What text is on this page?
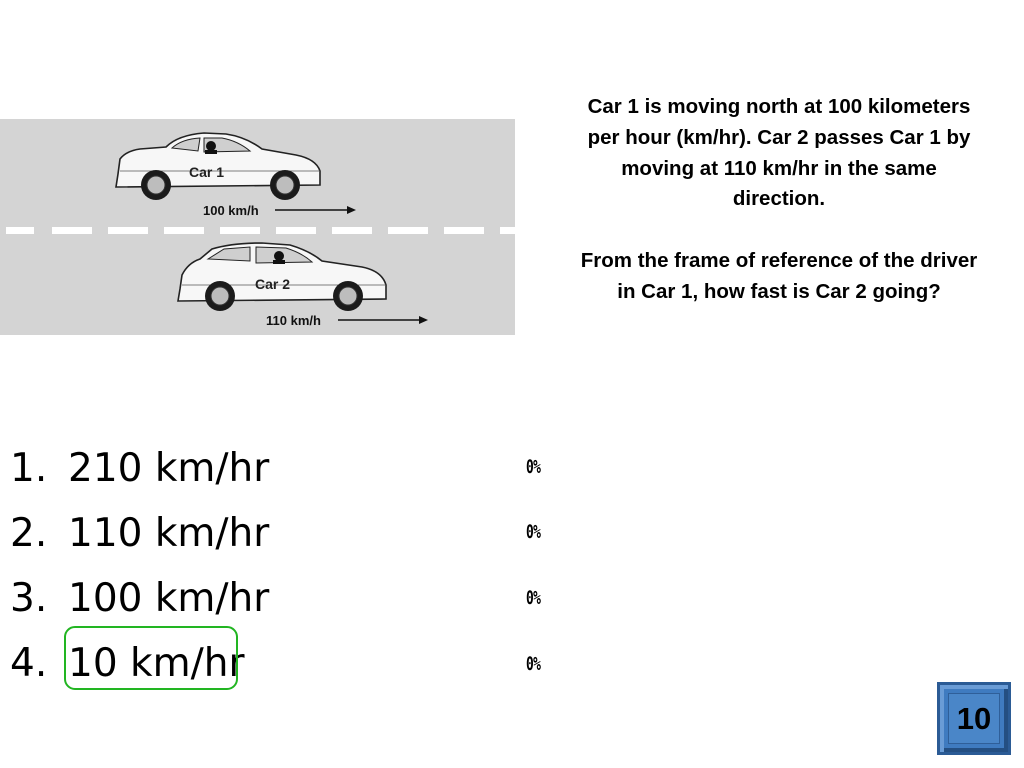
Car 1
100 km/h
Car 2
110 km/h

Car 1 is moving north at 100 kilometers per hour (km/hr). Car 2 passes Car 1 by moving at 110 km/hr in the same direction.

From the frame of reference of the driver in Car 1, how fast is Car 2 going?

1. 210 km/hr
2. 110 km/hr
3. 100 km/hr
4. 10 km/hr
0%
0%
0%
0%
10
